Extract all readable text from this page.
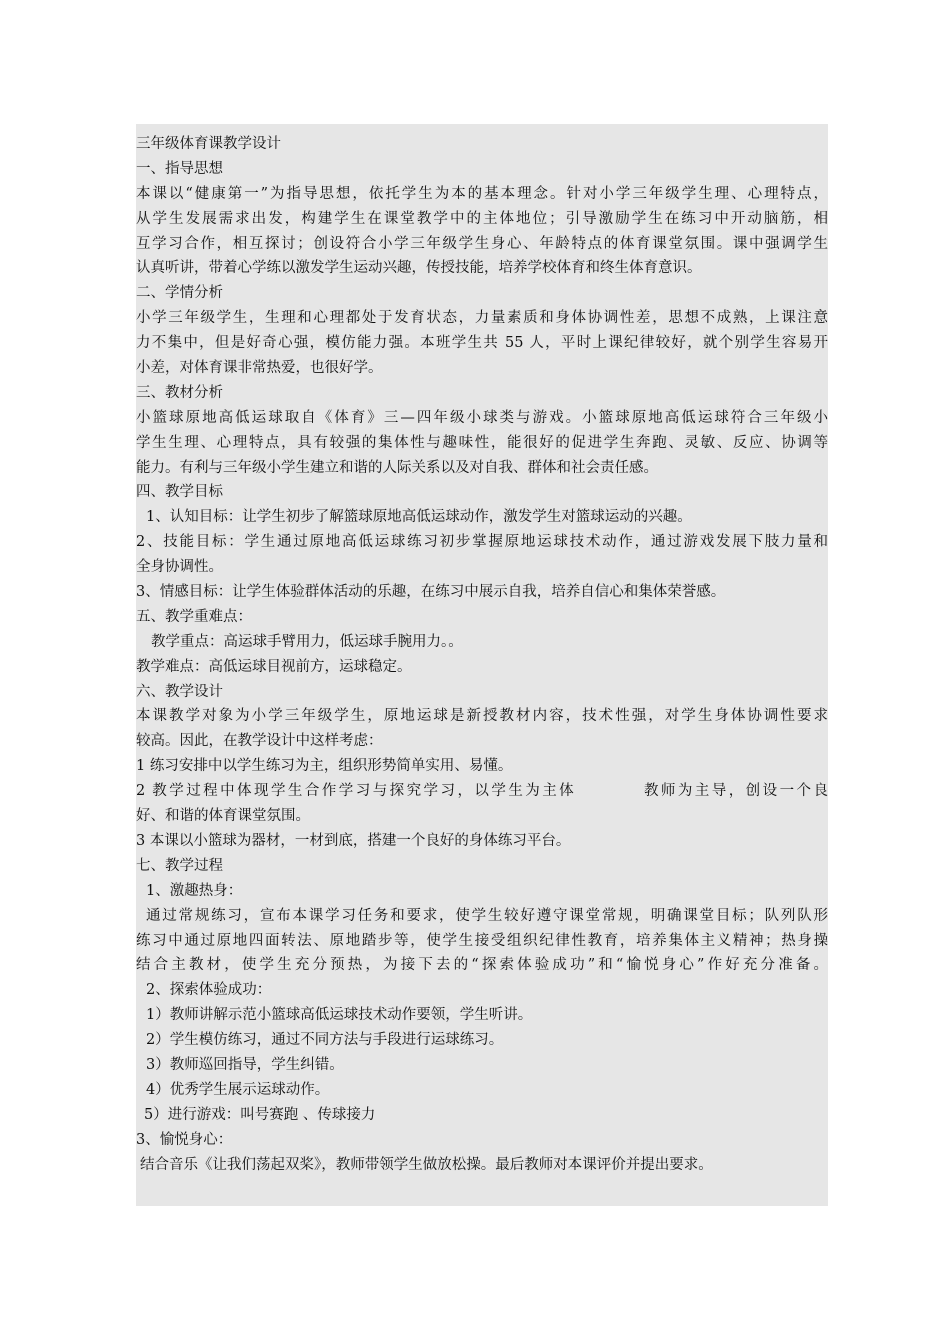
三年级体育课教学设计
一、指导思想
本课以“健康第一”为指导思想，依托学生为本的基本理念。针对小学三年级学生理、心理特点，
从学生发展需求出发，构建学生在课堂教学中的主体地位；引导激励学生在练习中开动脑筋，相
互学习合作，相互探讨；创设符合小学三年级学生身心、年龄特点的体育课堂氛围。课中强调学生
认真听讲，带着心学练以激发学生运动兴趣，传授技能，培养学校体育和终生体育意识。
二、学情分析
小学三年级学生，生理和心理都处于发育状态，力量素质和身体协调性差，思想不成熟，上课注意
力不集中，但是好奇心强，模仿能力强。本班学生共 55 人，平时上课纪律较好，就个别学生容易开
小差，对体育课非常热爱，也很好学。
三、教材分析
小篮球原地高低运球取自《体育》三—四年级小球类与游戏。小篮球原地高低运球符合三年级小
学生生理、心理特点，具有较强的集体性与趣味性，能很好的促进学生奔跑、灵敏、反应、协调等
能力。有利与三年级小学生建立和谐的人际关系以及对自我、群体和社会责任感。
四、教学目标
1、认知目标：让学生初步了解篮球原地高低运球动作，激发学生对篮球运动的兴趣。
2、技能目标：学生通过原地高低运球练习初步掌握原地运球技术动作，通过游戏发展下肢力量和
全身协调性。
3、情感目标：让学生体验群体活动的乐趣，在练习中展示自我，培养自信心和集体荣誉感。
五、教学重难点：
教学重点：高运球手臂用力，低运球手腕用力。。
教学难点：高低运球目视前方，运球稳定。
六、教学设计
本课教学对象为小学三年级学生，原地运球是新授教材内容，技术性强，对学生身体协调性要求
较高。因此，在教学设计中这样考虑：
1 练习安排中以学生练习为主，组织形势简单实用、易懂。
2 教学过程中体现学生合作学习与探究学习，以学生为主体　　　　教师为主导，创设一个良
好、和谐的体育课堂氛围。
3 本课以小篮球为器材，一材到底，搭建一个良好的身体练习平台。
七、教学过程
1、激趣热身：
通过常规练习，宣布本课学习任务和要求，使学生较好遵守课堂常规，明确课堂目标；队列队形
练习中通过原地四面转法、原地踏步等，使学生接受组织纪律性教育，培养集体主义精神；热身操
结合主教材，使学生充分预热，为接下去的“探索体验成功”和“愉悦身心”作好充分准备。
2、探索体验成功：
1）教师讲解示范小篮球高低运球技术动作要领，学生听讲。
2）学生模仿练习，通过不同方法与手段进行运球练习。
3）教师巡回指导，学生纠错。
4）优秀学生展示运球动作。
5）进行游戏：叫号赛跑 、传球接力
3、愉悦身心：
结合音乐《让我们荡起双桨》，教师带领学生做放松操。最后教师对本课评价并提出要求。
